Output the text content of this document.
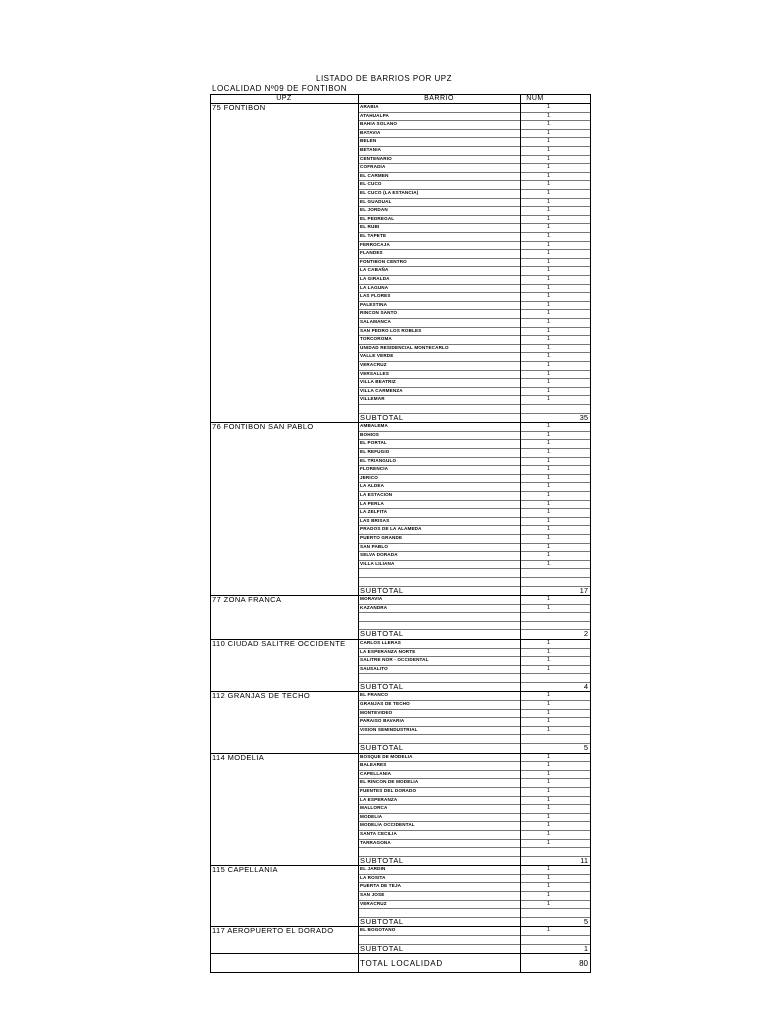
LISTADO DE BARRIOS POR UPZ
LOCALIDAD Nº09 DE FONTIBON
UPZ	BARRIO	NUM
75 FONTIBON	ARABIA	1
ATAHUALPA	1
BAHIA SOLANO	1
BATAVIA	1
BELEN	1
BETANIA	1
CENTENARIO	1
COFRADIA	1
EL CARMEN	1
EL CUCO	1
EL CUCO (LA ESTANCIA)	1
EL GUADUAL	1
EL JORDAN	1
EL PEDREGAL	1
EL RUBI	1
EL TAPETE	1
FERROCAJA	1
FLANDES	1
FONTIBON CENTRO	1
LA CABAÑA	1
LA GIRALDA	1
LA LAGUNA	1
LAS FLORES	1
PALESTINA	1
RINCON SANTO	1
SALAMANCA	1
SAN PEDRO LOS ROBLES	1
TORCOROMA	1
UNIDAD RESIDENCIAL MONTECARLO	1
VALLE VERDE	1
VERACRUZ	1
VERSALLES	1
VILLA BEATRIZ	1
VILLA CARMENZA	1
VILLEMAR	1
SUBTOTAL	35
76 FONTIBON SAN PABLO	AMBALEMA	1
BOHIOS	1
EL PORTAL	1
EL REFUGIO	1
EL TRIANGULO	1
FLORENCIA	1
JERICO	1
LA ALDEA	1
LA ESTACION	1
LA PERLA	1
LA ZELFITA	1
LAS BRISAS	1
PRADOS DE LA ALAMEDA	1
PUERTO GRANDE	1
SAN PABLO	1
SELVA DORADA	1
VILLA LILIANA	1
SUBTOTAL	17
77 ZONA FRANCA	MORAVIA	1
KAZANDRA	1
SUBTOTAL	2
110 CIUDAD SALITRE OCCIDENTE	CARLOS LLERAS	1
LA ESPERANZA NORTE	1
SALITRE NOR - OCCIDENTAL	1
SAUSALITO	1
SUBTOTAL	4
112 GRANJAS DE TECHO	EL FRANCO	1
GRANJAS DE TECHO	1
MONTEVIDEO	1
PARAISO BAVARIA	1
VISION SEMINDUSTRIAL	1
SUBTOTAL	5
114 MODELIA	BOSQUE DE MODELIA	1
BALEARES	1
CAPELLANIA	1
EL RINCON DE MODELIA	1
FUENTES DEL DORADO	1
LA ESPERANZA	1
MALLORCA	1
MODELIA	1
MODELIA OCCIDENTAL	1
SANTA CECILIA	1
TARRAGONA	1
SUBTOTAL	11
115 CAPELLANIA	EL JARDIN	1
LA ROSITA	1
PUERTA DE TEJA	1
SAN JOSE	1
VERACRUZ	1
SUBTOTAL	5
117 AEROPUERTO EL DORADO	EL BOGOTANO	1
SUBTOTAL	1
TOTAL LOCALIDAD	80
